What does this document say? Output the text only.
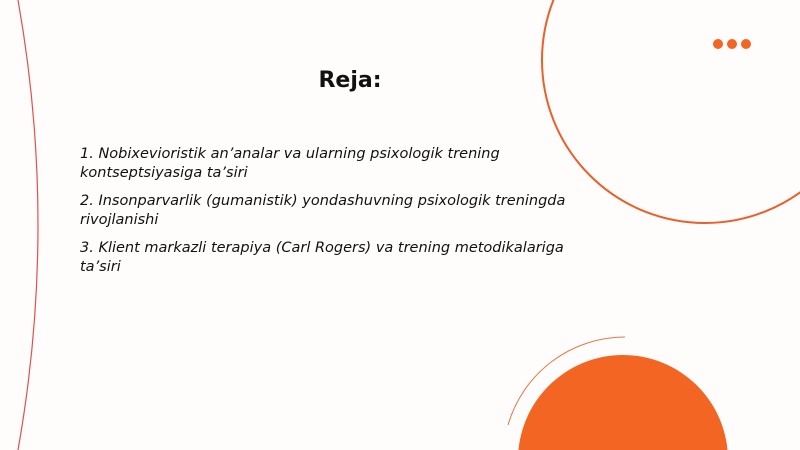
Reja:
1. Nobixevioristik an’analar va ularning psixologik trening kontseptsiyasiga ta’siri
2. Insonparvarlik (gumanistik) yondashuvning psixologik treningda rivojlanishi
3. Klient markazli terapiya (Carl Rogers) va trening metodikalariga ta’siri
